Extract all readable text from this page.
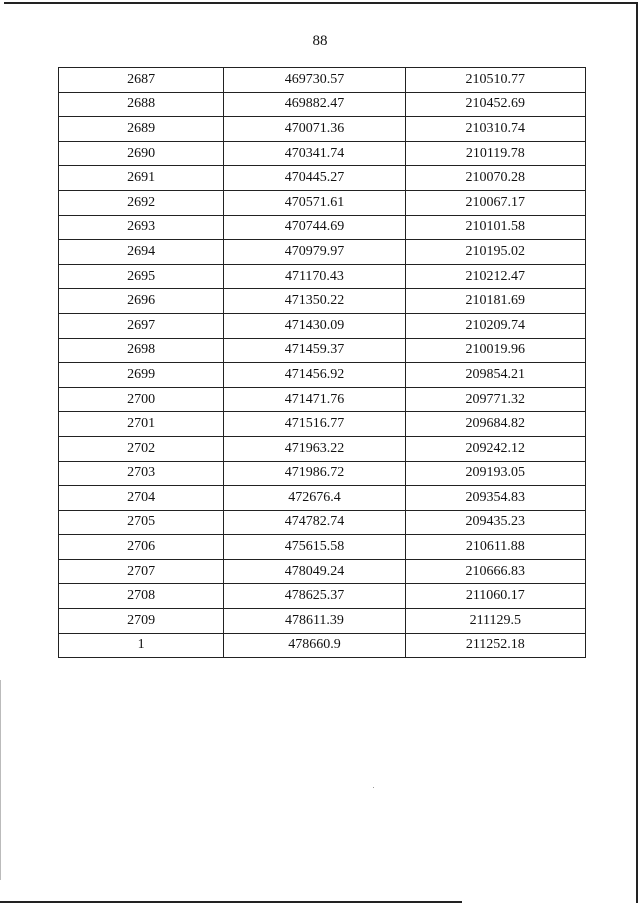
88
2687	469730.57	210510.77
2688	469882.47	210452.69
2689	470071.36	210310.74
2690	470341.74	210119.78
2691	470445.27	210070.28
2692	470571.61	210067.17
2693	470744.69	210101.58
2694	470979.97	210195.02
2695	471170.43	210212.47
2696	471350.22	210181.69
2697	471430.09	210209.74
2698	471459.37	210019.96
2699	471456.92	209854.21
2700	471471.76	209771.32
2701	471516.77	209684.82
2702	471963.22	209242.12
2703	471986.72	209193.05
2704	472676.4	209354.83
2705	474782.74	209435.23
2706	475615.58	210611.88
2707	478049.24	210666.83
2708	478625.37	211060.17
2709	478611.39	211129.5
1	478660.9	211252.18
